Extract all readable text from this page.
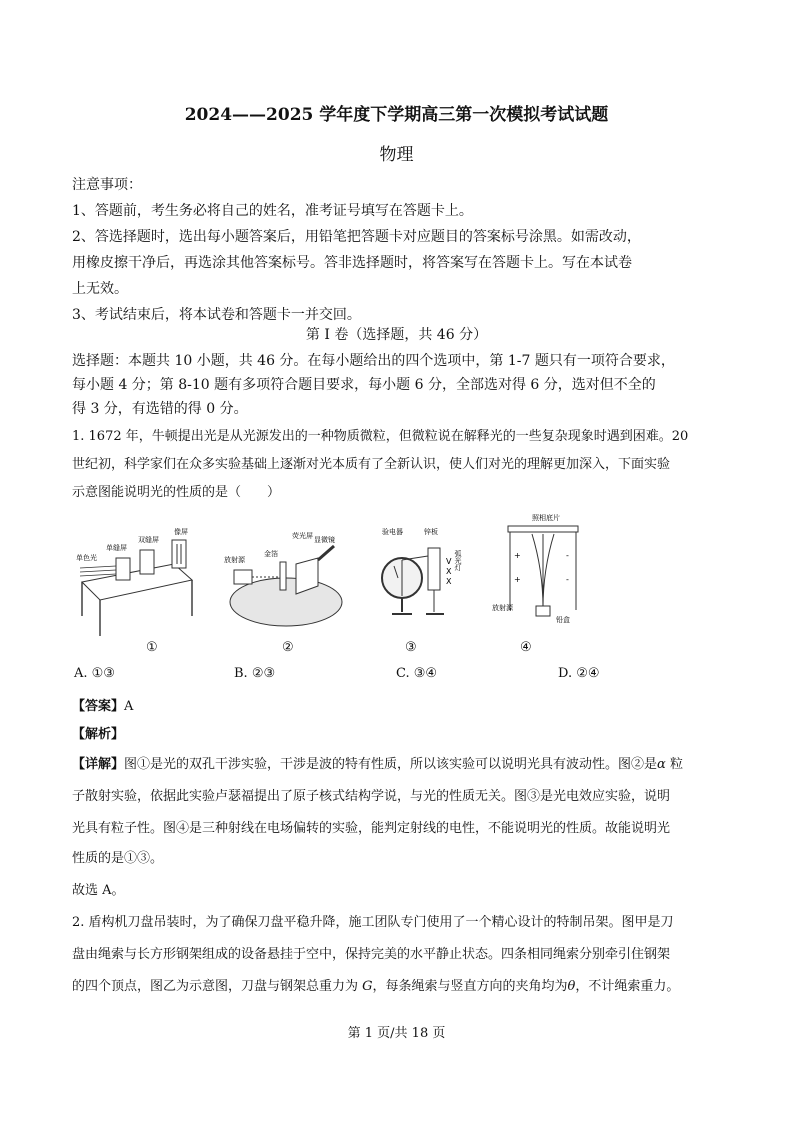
2024——2025 学年度下学期高三第一次模拟考试试题
物理
注意事项：
1、答题前，考生务必将自己的姓名，准考证号填写在答题卡上。
2、答选择题时，选出每小题答案后，用铅笔把答题卡对应题目的答案标号涂黑。如需改动，
用橡皮擦干净后，再选涂其他答案标号。答非选择题时，将答案写在答题卡上。写在本试卷
上无效。
3、考试结束后，将本试卷和答题卡一并交回。
第 I 卷（选择题，共 46 分）
选择题：本题共 10 小题，共 46 分。在每小题给出的四个选项中，第 1-7 题只有一项符合要求，
每小题 4 分；第 8-10 题有多项符合题目要求，每小题 6 分，全部选对得 6 分，选对但不全的
得 3 分，有选错的得 0 分。
1. 1672 年，牛顿提出光是从光源发出的一种物质微粒，但微粒说在解释光的一些复杂现象时遇到困难。20
世纪初，科学家们在众多实验基础上逐渐对光本质有了全新认识，使人们对光的理解更加深入，下面实验
示意图能说明光的性质的是（　　）
单色光
单缝屏
双缝屏
像屏
放射源
金箔
荧光屏 显微镜
V
X
X
验电器	锌板
弧光灯	+
+
-
-
照相底片
放射源
铅盒
①	②	③	④
A. ①③	B. ②③	C. ③④	D. ②④
【答案】A
【解析】
【详解】图①是光的双孔干涉实验，干涉是波的特有性质，所以该实验可以说明光具有波动性。图②是α 粒
子散射实验，依据此实验卢瑟福提出了原子核式结构学说，与光的性质无关。图③是光电效应实验，说明
光具有粒子性。图④是三种射线在电场偏转的实验，能判定射线的电性，不能说明光的性质。故能说明光
性质的是①③。
故选 A。
2. 盾构机刀盘吊装时，为了确保刀盘平稳升降，施工团队专门使用了一个精心设计的特制吊架。图甲是刀
盘由绳索与长方形钢架组成的设备悬挂于空中，保持完美的水平静止状态。四条相同绳索分别牵引住钢架
的四个顶点，图乙为示意图，刀盘与钢架总重力为 G，每条绳索与竖直方向的夹角均为θ，不计绳索重力。
第 1 页/共 18 页
